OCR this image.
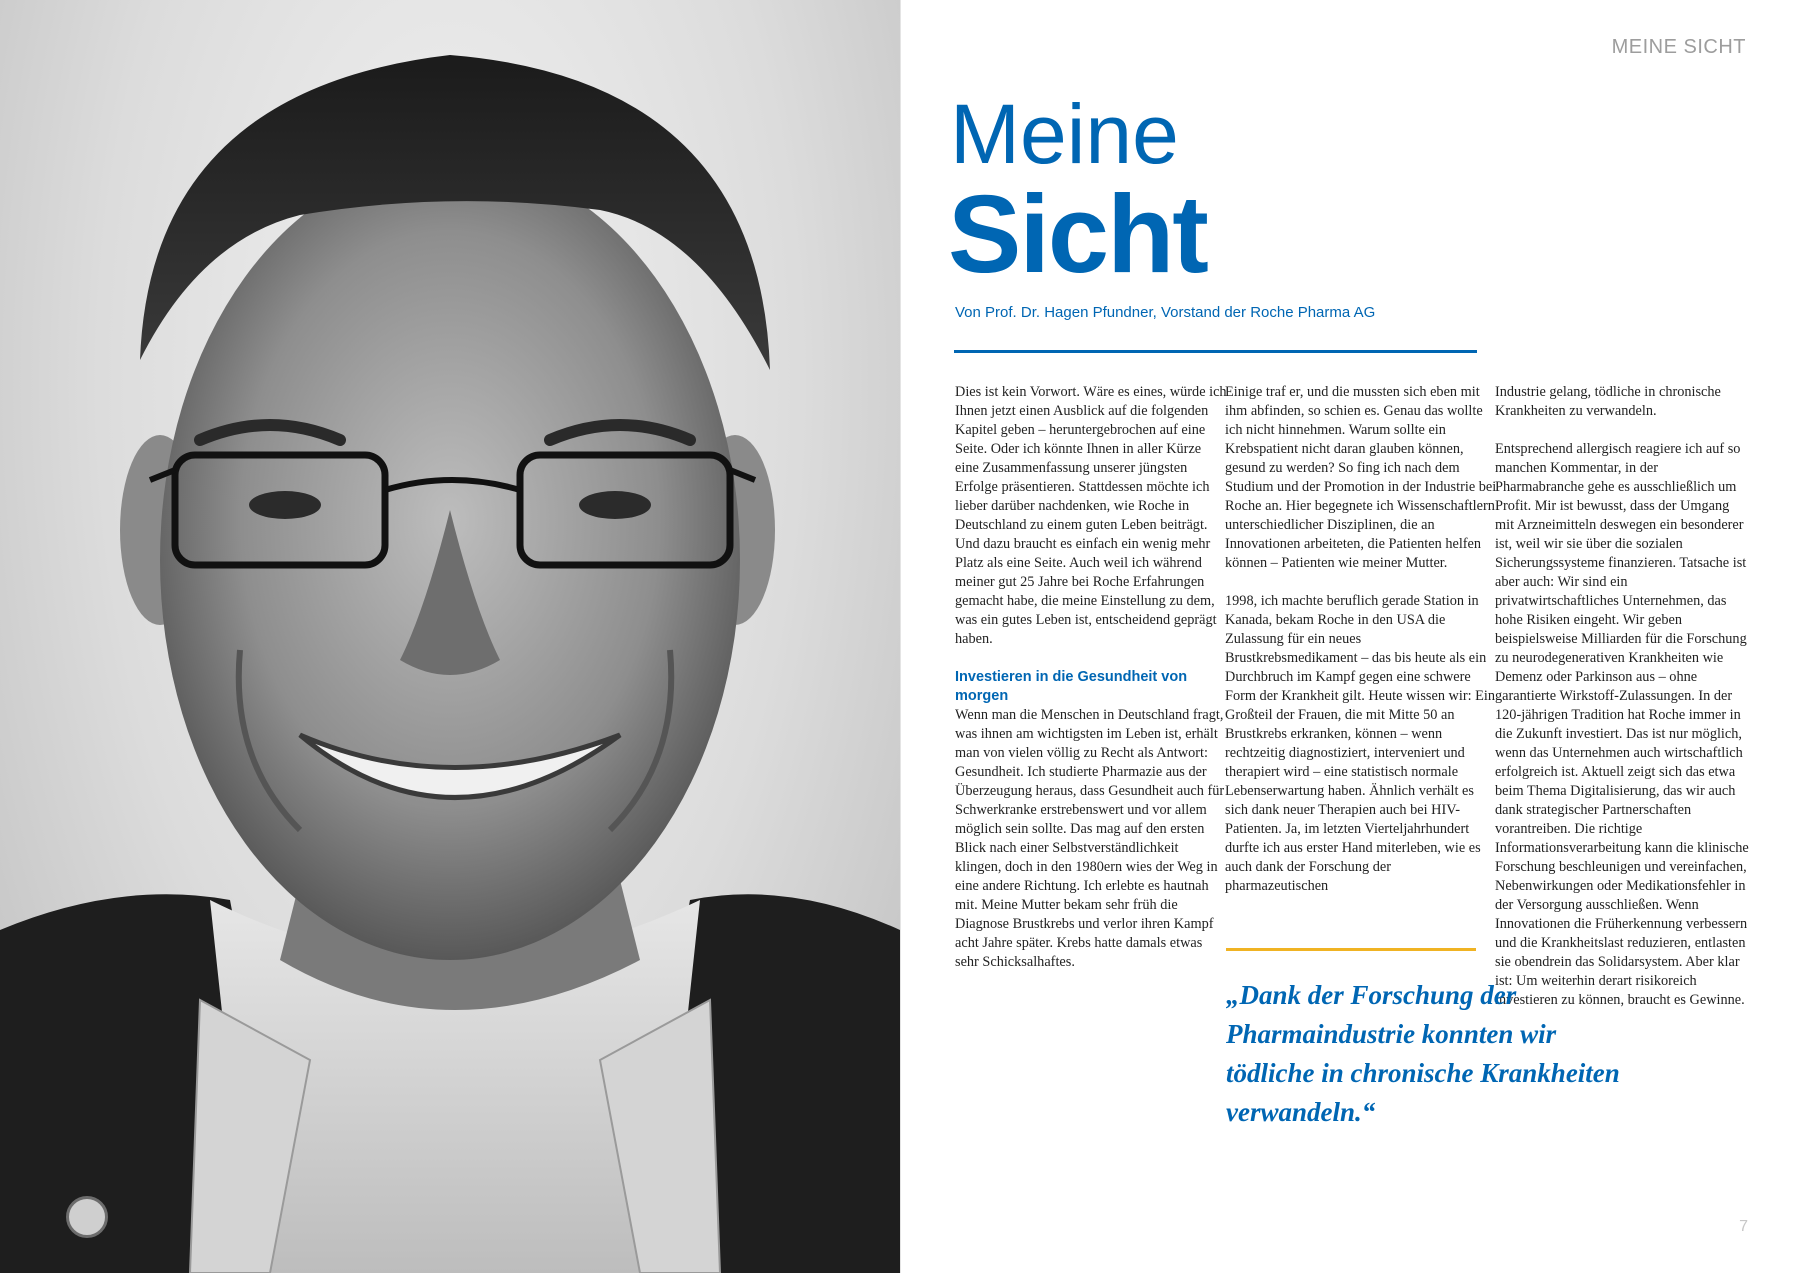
MEINE SICHT
Meine
Sicht
Von Prof. Dr. Hagen Pfundner, Vorstand der Roche Pharma AG

Dies ist kein Vorwort. Wäre es eines, würde ich Ihnen jetzt einen Ausblick auf die folgenden Kapitel geben – heruntergebrochen auf eine Seite. Oder ich könnte Ihnen in aller Kürze eine Zusammenfassung unserer jüngsten Erfolge präsentieren. Stattdessen möchte ich lieber darüber nachdenken, wie Roche in Deutschland zu einem guten Leben beiträgt. Und dazu braucht es einfach ein wenig mehr Platz als eine Seite. Auch weil ich während meiner gut 25 Jahre bei Roche Erfahrungen gemacht habe, die meine Einstellung zu dem, was ein gutes Leben ist, entscheidend geprägt haben.

Investieren in die Gesundheit von morgen

Wenn man die Menschen in Deutschland fragt, was ihnen am wichtigsten im Leben ist, erhält man von vielen völlig zu Recht als Antwort: Gesundheit. Ich studierte Pharmazie aus der Überzeugung heraus, dass Gesundheit auch für Schwerkranke erstrebenswert und vor allem möglich sein sollte. Das mag auf den ersten Blick nach einer Selbstverständlichkeit klingen, doch in den 1980ern wies der Weg in eine andere Richtung. Ich erlebte es hautnah mit. Meine Mutter bekam sehr früh die Diagnose Brustkrebs und verlor ihren Kampf acht Jahre später. Krebs hatte damals etwas sehr Schicksalhaftes.

Einige traf er, und die mussten sich eben mit ihm abfinden, so schien es. Genau das wollte ich nicht hinnehmen. Warum sollte ein Krebspatient nicht daran glauben können, gesund zu werden? So fing ich nach dem Studium und der Promotion in der Industrie bei Roche an. Hier begegnete ich Wissenschaftlern unterschiedlicher Disziplinen, die an Innovationen arbeiteten, die Patienten helfen können – Patienten wie meiner Mutter.

1998, ich machte beruflich gerade Station in Kanada, bekam Roche in den USA die Zulassung für ein neues Brustkrebsmedikament – das bis heute als ein Durchbruch im Kampf gegen eine schwere Form der Krankheit gilt. Heute wissen wir: Ein Großteil der Frauen, die mit Mitte 50 an Brustkrebs erkranken, können – wenn rechtzeitig diagnostiziert, interveniert und therapiert wird – eine statistisch normale Lebenserwartung haben. Ähnlich verhält es sich dank neuer Therapien auch bei HIV-Patienten. Ja, im letzten Vierteljahrhundert durfte ich aus erster Hand miterleben, wie es auch dank der Forschung der pharmazeutischen

Industrie gelang, tödliche in chronische Krankheiten zu verwandeln.

Entsprechend allergisch reagiere ich auf so manchen Kommentar, in der Pharmabranche gehe es ausschließlich um Profit. Mir ist bewusst, dass der Umgang mit Arzneimitteln deswegen ein besonderer ist, weil wir sie über die sozialen Sicherungssysteme finanzieren. Tatsache ist aber auch: Wir sind ein privatwirtschaftliches Unternehmen, das hohe Risiken eingeht. Wir geben beispielsweise Milliarden für die Forschung zu neurodegenerativen Krankheiten wie Demenz oder Parkinson aus – ohne garantierte Wirkstoff-Zulassungen. In der 120-jährigen Tradition hat Roche immer in die Zukunft investiert. Das ist nur möglich, wenn das Unternehmen auch wirtschaftlich erfolgreich ist. Aktuell zeigt sich das etwa beim Thema Digitalisierung, das wir auch dank strategischer Partnerschaften vorantreiben. Die richtige Informationsverarbeitung kann die klinische Forschung beschleunigen und vereinfachen, Nebenwirkungen oder Medikationsfehler in der Versorgung ausschließen. Wenn Innovationen die Früherkennung verbessern und die Krankheitslast reduzieren, entlasten sie obendrein das Solidarsystem. Aber klar ist: Um weiterhin derart risikoreich investieren zu können, braucht es Gewinne.

„Dank der Forschung der Pharmaindustrie konnten wir tödliche in chronische Krankheiten verwandeln.“
7
